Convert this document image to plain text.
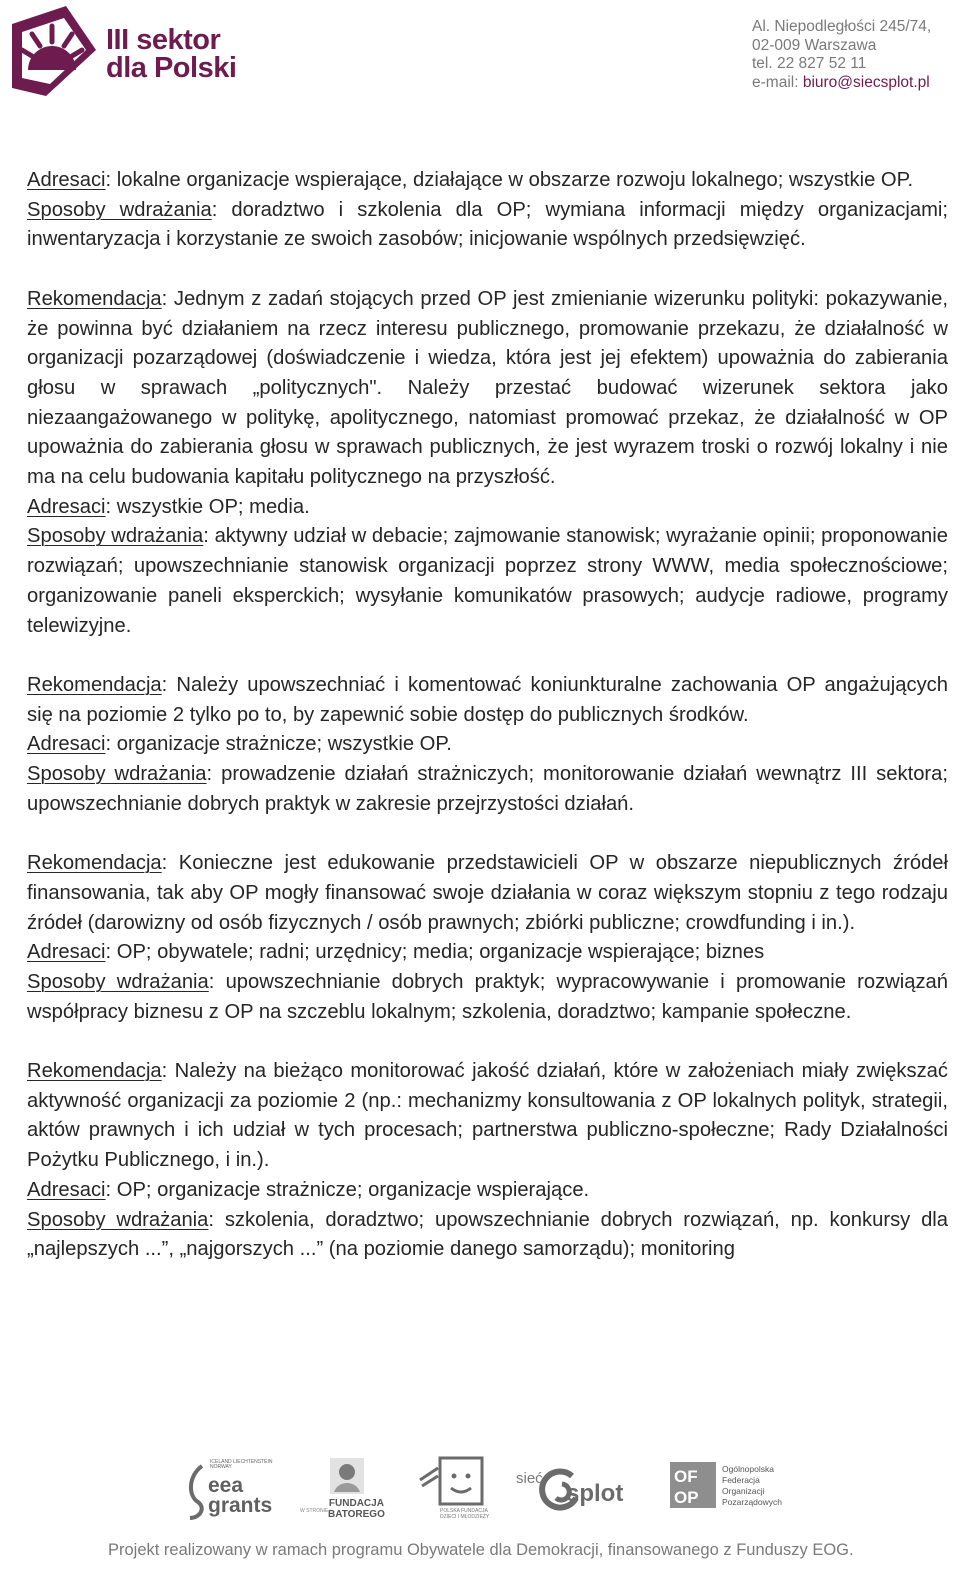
III sektor
dla Polski
Al. Niepodległości 245/74,
02-009 Warszawa
tel. 22 827 52 11
e-mail: biuro@siecsplot.pl

Adresaci: lokalne organizacje wspierające, działające w obszarze rozwoju lokalnego; wszystkie OP.

Sposoby wdrażania: doradztwo i szkolenia dla OP; wymiana informacji między organizacjami; inwentaryzacja i korzystanie ze swoich zasobów; inicjowanie wspólnych przedsięwzięć.

Rekomendacja: Jednym z zadań stojących przed OP jest zmienianie wizerunku polityki: pokazywanie, że powinna być działaniem na rzecz interesu publicznego, promowanie przekazu, że działalność w organizacji pozarządowej (doświadczenie i wiedza, która jest jej efektem) upoważnia do zabierania głosu w sprawach „politycznych". Należy przestać budować wizerunek sektora jako niezaangażowanego w politykę, apolitycznego, natomiast promować przekaz, że działalność w OP upoważnia do zabierania głosu w sprawach publicznych, że jest wyrazem troski o rozwój lokalny i nie ma na celu budowania kapitału politycznego na przyszłość.

Adresaci: wszystkie OP; media.

Sposoby wdrażania: aktywny udział w debacie; zajmowanie stanowisk; wyrażanie opinii; proponowanie rozwiązań; upowszechnianie stanowisk organizacji poprzez strony WWW, media społecznościowe; organizowanie paneli eksperckich; wysyłanie komunikatów prasowych; audycje radiowe, programy telewizyjne.

Rekomendacja: Należy upowszechniać i komentować koniunkturalne zachowania OP angażujących się na poziomie 2 tylko po to, by zapewnić sobie dostęp do publicznych środków.

Adresaci: organizacje strażnicze; wszystkie OP.

Sposoby wdrażania: prowadzenie działań strażniczych; monitorowanie działań wewnątrz III sektora; upowszechnianie dobrych praktyk w zakresie przejrzystości działań.

Rekomendacja: Konieczne jest edukowanie przedstawicieli OP w obszarze niepublicznych źródeł finansowania, tak aby OP mogły finansować swoje działania w coraz większym stopniu z tego rodzaju źródeł (darowizny od osób fizycznych / osób prawnych; zbiórki publiczne; crowdfunding i in.).

Adresaci: OP; obywatele; radni; urzędnicy; media; organizacje wspierające; biznes

Sposoby wdrażania: upowszechnianie dobrych praktyk; wypracowywanie i promowanie rozwiązań współpracy biznesu z OP na szczeblu lokalnym; szkolenia, doradztwo; kampanie społeczne.

Rekomendacja: Należy na bieżąco monitorować jakość działań, które w założeniach miały zwiększać aktywność organizacji za poziomie 2 (np.: mechanizmy konsultowania z OP lokalnych polityk, strategii, aktów prawnych i ich udział w tych procesach; partnerstwa publiczno-społeczne; Rady Działalności Pożytku Publicznego, i in.).

Adresaci: OP; organizacje strażnicze; organizacje wspierające.

Sposoby wdrażania: szkolenia, doradztwo; upowszechnianie dobrych rozwiązań, np. konkursy dla „najlepszych ...”, „najgorszych ...” (na poziomie danego samorządu); monitoring

ICELAND LIECHTENSTEIN NORWAY
eea
grants	FUNDACJA
BATOREGO
W STRONIE	POLSKA FUNDACJA
DZIECI I MŁODZIEŻY
sieć
splot
OF
OP
Ogólnopolska
Federacja
Organizacji
Pozarządowych
Projekt realizowany w ramach programu Obywatele dla Demokracji, finansowanego z Funduszy EOG.
